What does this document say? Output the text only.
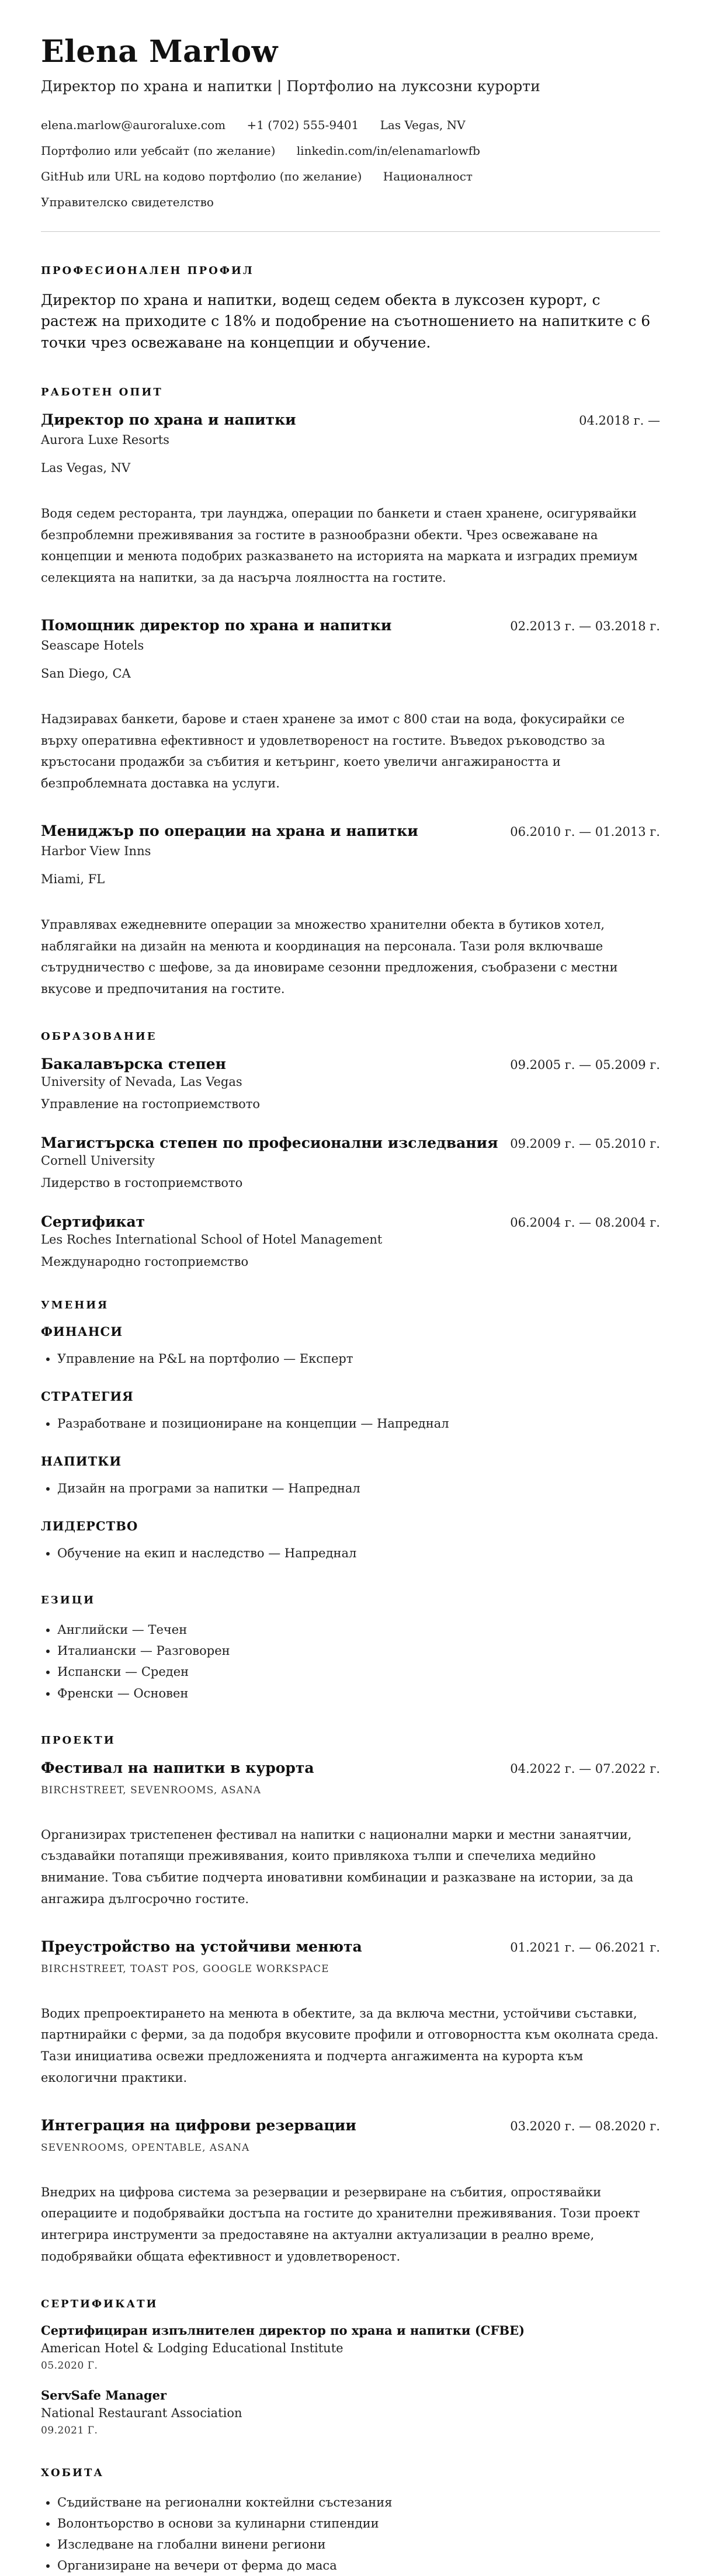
Elena Marlow
Директор по храна и напитки | Портфолио на луксозни курорти
elena.marlow@auroraluxe.com +1 (702) 555-9401 Las Vegas, NV
Портфолио или уебсайт (по желание) linkedin.com/in/elenamarlowfb
GitHub или URL на кодово портфолио (по желание) Националност
Управителско свидетелство
ПРОФЕСИОНАЛЕН ПРОФИЛ
Директор по храна и напитки, водещ седем обекта в луксозен курорт, с растеж на приходите с 18% и подобрение на съотношението на напитките с 6 точки чрез освежаване на концепции и обучение.
РАБОТЕН ОПИТ
Директор по храна и напитки	04.2018 г. —
Aurora Luxe Resorts
Las Vegas, NV
Водя седем ресторанта, три лаунджа, операции по банкети и стаен хранене, осигурявайки безпроблемни преживявания за гостите в разнообразни обекти. Чрез освежаване на концепции и менюта подобрих разказването на историята на марката и изградих премиум селекцията на напитки, за да насърча лоялността на гостите.
Помощник директор по храна и напитки	02.2013 г. — 03.2018 г.
Seascape Hotels
San Diego, CA
Надзиравах банкети, барове и стаен хранене за имот с 800 стаи на вода, фокусирайки се върху оперативна ефективност и удовлетвореност на гостите. Въведох ръководство за кръстосани продажби за събития и кетъринг, което увеличи ангажираността и безпроблемната доставка на услуги.
Мениджър по операции на храна и напитки	06.2010 г. — 01.2013 г.
Harbor View Inns
Miami, FL
Управлявах ежедневните операции за множество хранителни обекта в бутиков хотел, наблягайки на дизайн на менюта и координация на персонала. Тази роля включваше сътрудничество с шефове, за да иновираме сезонни предложения, съобразени с местни вкусове и предпочитания на гостите.
ОБРАЗОВАНИЕ
Бакалавърска степен	09.2005 г. — 05.2009 г.
University of Nevada, Las Vegas
Управление на гостоприемството
Магистърска степен по професионални изследвания 09.2009 г. — 05.2010 г.
Cornell University
Лидерство в гостоприемството
Сертификат	06.2004 г. — 08.2004 г.
Les Roches International School of Hotel Management
Международно гостоприемство
УМЕНИЯ
ФИНАНСИ
• Управление на P&L на портфолио — Експерт
СТРАТЕГИЯ
• Разработване и позициониране на концепции — Напреднал
НАПИТКИ
• Дизайн на програми за напитки — Напреднал
ЛИДЕРСТВО
• Обучение на екип и наследство — Напреднал
ЕЗИЦИ
• Английски — Течен
• Италиански — Разговорен
• Испански — Среден
• Френски — Основен
ПРОЕКТИ
Фестивал на напитки в курорта	04.2022 г. — 07.2022 г.
BIRCHSTREET, SEVENROOMS, ASANA
Организирах тристепенен фестивал на напитки с национални марки и местни занаятчии, създавайки потапящи преживявания, които привлякоха тълпи и спечелиха медийно внимание. Това събитие подчерта иновативни комбинации и разказване на истории, за да ангажира дългосрочно гостите.
Преустройство на устойчиви менюта	01.2021 г. — 06.2021 г.
BIRCHSTREET, TOAST POS, GOOGLE WORKSPACE
Водих препроектирането на менюта в обектите, за да включа местни, устойчиви съставки, партнирайки с ферми, за да подобря вкусовите профили и отговорността към околната среда. Тази инициатива освежи предложенията и подчерта ангажимента на курорта към екологични практики.
Интеграция на цифрови резервации	03.2020 г. — 08.2020 г.
SEVENROOMS, OPENTABLE, ASANA
Внедрих на цифрова система за резервации и резервиране на събития, опростявайки операциите и подобрявайки достъпа на гостите до хранителни преживявания. Този проект интегрира инструменти за предоставяне на актуални актуализации в реално време, подобрявайки общата ефективност и удовлетвореност.
СЕРТИФИКАТИ
Сертифициран изпълнителен директор по храна и напитки (CFBE)
American Hotel & Lodging Educational Institute
05.2020 Г.
ServSafe Manager
National Restaurant Association
09.2021 Г.
ХОБИТА
• Съдийстване на регионални коктейлни състезания
• Волонтьорство в основи за кулинарни стипендии
• Изследване на глобални винени региони
• Организиране на вечери от ферма до маса
